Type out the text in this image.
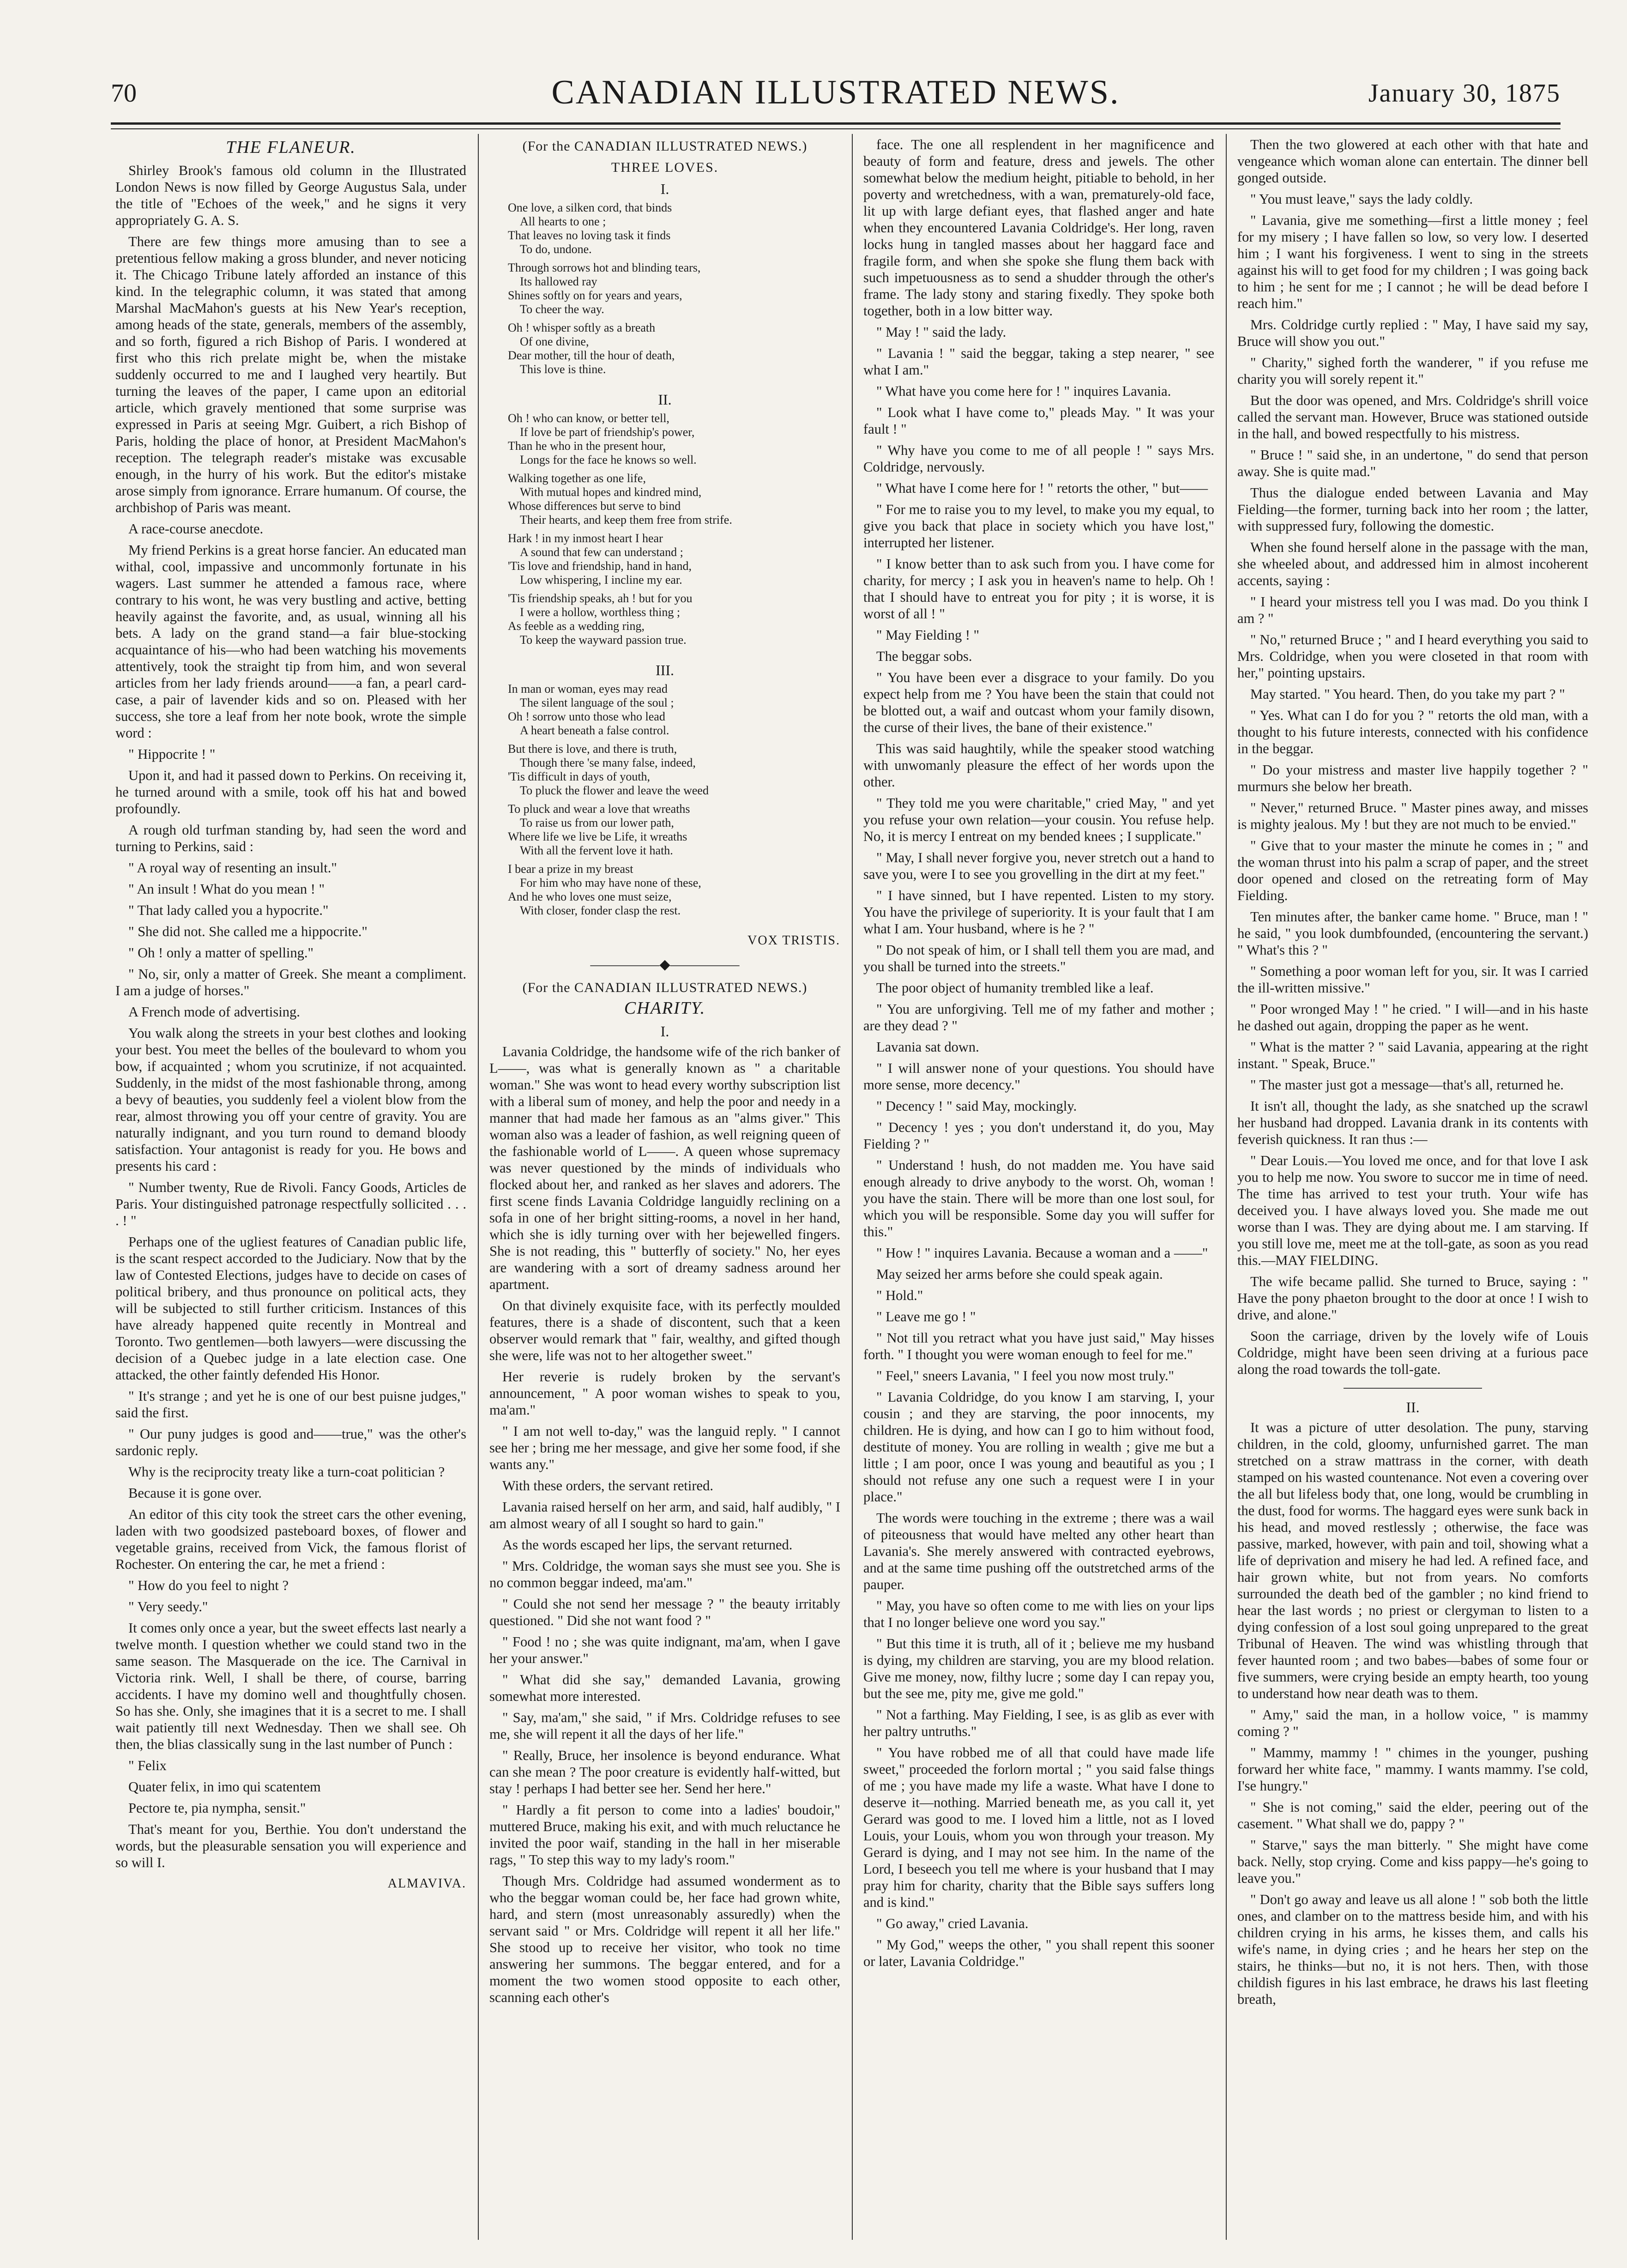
70	CANADIAN ILLUSTRATED NEWS.	January 30, 1875
THE FLANEUR.

Shirley Brook's famous old column in the Illustrated London News is now filled by George Augustus Sala, under the title of "Echoes of the week," and he signs it very appropriately G. A. S.

There are few things more amusing than to see a pretentious fellow making a gross blunder, and never noticing it. The Chicago Tribune lately afforded an instance of this kind. In the telegraphic column, it was stated that among Marshal MacMahon's guests at his New Year's reception, among heads of the state, generals, members of the assembly, and so forth, figured a rich Bishop of Paris. I wondered at first who this rich prelate might be, when the mistake suddenly occurred to me and I laughed very heartily. But turning the leaves of the paper, I came upon an editorial article, which gravely mentioned that some surprise was expressed in Paris at seeing Mgr. Guibert, a rich Bishop of Paris, holding the place of honor, at President MacMahon's reception. The telegraph reader's mistake was excusable enough, in the hurry of his work. But the editor's mistake arose simply from ignorance. Errare humanum. Of course, the archbishop of Paris was meant.

A race-course anecdote.

My friend Perkins is a great horse fancier. An educated man withal, cool, impassive and uncommonly fortunate in his wagers. Last summer he attended a famous race, where contrary to his wont, he was very bustling and active, betting heavily against the favorite, and, as usual, winning all his bets. A lady on the grand stand—a fair blue-stocking acquaintance of his—who had been watching his movements attentively, took the straight tip from him, and won several articles from her lady friends around——a fan, a pearl card-case, a pair of lavender kids and so on. Pleased with her success, she tore a leaf from her note book, wrote the simple word :

" Hippocrite ! "

Upon it, and had it passed down to Perkins. On receiving it, he turned around with a smile, took off his hat and bowed profoundly.

A rough old turfman standing by, had seen the word and turning to Perkins, said :

" A royal way of resenting an insult."

" An insult ! What do you mean ! "

" That lady called you a hypocrite."

" She did not. She called me a hippocrite."

" Oh ! only a matter of spelling."

" No, sir, only a matter of Greek. She meant a compliment. I am a judge of horses."

A French mode of advertising.

You walk along the streets in your best clothes and looking your best. You meet the belles of the boulevard to whom you bow, if acquainted ; whom you scrutinize, if not acquainted. Suddenly, in the midst of the most fashionable throng, among a bevy of beauties, you suddenly feel a violent blow from the rear, almost throwing you off your centre of gravity. You are naturally indignant, and you turn round to demand bloody satisfaction. Your antagonist is ready for you. He bows and presents his card :

" Number twenty, Rue de Rivoli. Fancy Goods, Articles de Paris. Your distinguished patronage respectfully sollicited . . . . ! "

Perhaps one of the ugliest features of Canadian public life, is the scant respect accorded to the Judiciary. Now that by the law of Contested Elections, judges have to decide on cases of political bribery, and thus pronounce on political acts, they will be subjected to still further criticism. Instances of this have already happened quite recently in Montreal and Toronto. Two gentlemen—both lawyers—were discussing the decision of a Quebec judge in a late election case. One attacked, the other faintly defended His Honor.

" It's strange ; and yet he is one of our best puisne judges," said the first.

" Our puny judges is good and——true," was the other's sardonic reply.

Why is the reciprocity treaty like a turn-coat politician ?

Because it is gone over.

An editor of this city took the street cars the other evening, laden with two goodsized pasteboard boxes, of flower and vegetable grains, received from Vick, the famous florist of Rochester. On entering the car, he met a friend :

" How do you feel to night ?

" Very seedy."

It comes only once a year, but the sweet effects last nearly a twelve month. I question whether we could stand two in the same season. The Masquerade on the ice. The Carnival in Victoria rink. Well, I shall be there, of course, barring accidents. I have my domino well and thoughtfully chosen. So has she. Only, she imagines that it is a secret to me. I shall wait patiently till next Wednesday. Then we shall see. Oh then, the blias classically sung in the last number of Punch :

" Felix

Quater felix, in imo qui scatentem

Pectore te, pia nympha, sensit."

That's meant for you, Berthie. You don't understand the words, but the pleasurable sensation you will experience and so will I.

ALMAVIVA.
(For the CANADIAN ILLUSTRATED NEWS.)
THREE LOVES.
I.
One love, a silken cord, that binds
All hearts to one ;
That leaves no loving task it finds
To do, undone.
Through sorrows hot and blinding tears,
Its hallowed ray
Shines softly on for years and years,
To cheer the way.
Oh ! whisper softly as a breath
Of one divine,
Dear mother, till the hour of death,
This love is thine.
II.
Oh ! who can know, or better tell,
If love be part of friendship's power,
Than he who in the present hour,
Longs for the face he knows so well.
Walking together as one life,
With mutual hopes and kindred mind,
Whose differences but serve to bind
Their hearts, and keep them free from strife.
Hark ! in my inmost heart I hear
A sound that few can understand ;
'Tis love and friendship, hand in hand,
Low whispering, I incline my ear.
'Tis friendship speaks, ah ! but for you
I were a hollow, worthless thing ;
As feeble as a wedding ring,
To keep the wayward passion true.
III.
In man or woman, eyes may read
The silent language of the soul ;
Oh ! sorrow unto those who lead
A heart beneath a false control.
But there is love, and there is truth,
Though there 'se many false, indeed,
'Tis difficult in days of youth,
To pluck the flower and leave the weed
To pluck and wear a love that wreaths
To raise us from our lower path,
Where life we live be Life, it wreaths
With all the fervent love it hath.
I bear a prize in my breast
For him who may have none of these,
And he who loves one must seize,
With closer, fonder clasp the rest.
VOX TRISTIS.
—————◆—————
(For the CANADIAN ILLUSTRATED NEWS.)
CHARITY.
I.

Lavania Coldridge, the handsome wife of the rich banker of L——, was what is generally known as " a charitable woman." She was wont to head every worthy subscription list with a liberal sum of money, and help the poor and needy in a manner that had made her famous as an "alms giver." This woman also was a leader of fashion, as well reigning queen of the fashionable world of L——. A queen whose supremacy was never questioned by the minds of individuals who flocked about her, and ranked as her slaves and adorers. The first scene finds Lavania Coldridge languidly reclining on a sofa in one of her bright sitting-rooms, a novel in her hand, which she is idly turning over with her bejewelled fingers. She is not reading, this " butterfly of society." No, her eyes are wandering with a sort of dreamy sadness around her apartment.

On that divinely exquisite face, with its perfectly moulded features, there is a shade of discontent, such that a keen observer would remark that " fair, wealthy, and gifted though she were, life was not to her altogether sweet."

Her reverie is rudely broken by the servant's announcement, " A poor woman wishes to speak to you, ma'am."

" I am not well to-day," was the languid reply. " I cannot see her ; bring me her message, and give her some food, if she wants any."

With these orders, the servant retired.

Lavania raised herself on her arm, and said, half audibly, " I am almost weary of all I sought so hard to gain."

As the words escaped her lips, the servant returned.

" Mrs. Coldridge, the woman says she must see you. She is no common beggar indeed, ma'am."

" Could she not send her message ? " the beauty irritably questioned. " Did she not want food ? "

" Food ! no ; she was quite indignant, ma'am, when I gave her your answer."

" What did she say," demanded Lavania, growing somewhat more interested.

" Say, ma'am," she said, " if Mrs. Coldridge refuses to see me, she will repent it all the days of her life."

" Really, Bruce, her insolence is beyond endurance. What can she mean ? The poor creature is evidently half-witted, but stay ! perhaps I had better see her. Send her here."

" Hardly a fit person to come into a ladies' boudoir," muttered Bruce, making his exit, and with much reluctance he invited the poor waif, standing in the hall in her miserable rags, " To step this way to my lady's room."

Though Mrs. Coldridge had assumed wonderment as to who the beggar woman could be, her face had grown white, hard, and stern (most unreasonably assuredly) when the servant said " or Mrs. Coldridge will repent it all her life." She stood up to receive her visitor, who took no time answering her summons. The beggar entered, and for a moment the two women stood opposite to each other, scanning each other's

face. The one all resplendent in her magnificence and beauty of form and feature, dress and jewels. The other somewhat below the medium height, pitiable to behold, in her poverty and wretchedness, with a wan, prematurely-old face, lit up with large defiant eyes, that flashed anger and hate when they encountered Lavania Coldridge's. Her long, raven locks hung in tangled masses about her haggard face and fragile form, and when she spoke she flung them back with such impetuousness as to send a shudder through the other's frame. The lady stony and staring fixedly. They spoke both together, both in a low bitter way.

" May ! " said the lady.

" Lavania ! " said the beggar, taking a step nearer, " see what I am."

" What have you come here for ! " inquires Lavania.

" Look what I have come to," pleads May. " It was your fault ! "

" Why have you come to me of all people ! " says Mrs. Coldridge, nervously.

" What have I come here for ! " retorts the other, " but——

" For me to raise you to my level, to make you my equal, to give you back that place in society which you have lost," interrupted her listener.

" I know better than to ask such from you. I have come for charity, for mercy ; I ask you in heaven's name to help. Oh ! that I should have to entreat you for pity ; it is worse, it is worst of all ! "

" May Fielding ! "

The beggar sobs.

" You have been ever a disgrace to your family. Do you expect help from me ? You have been the stain that could not be blotted out, a waif and outcast whom your family disown, the curse of their lives, the bane of their existence."

This was said haughtily, while the speaker stood watching with unwomanly pleasure the effect of her words upon the other.

" They told me you were charitable," cried May, " and yet you refuse your own relation—your cousin. You refuse help. No, it is mercy I entreat on my bended knees ; I supplicate."

" May, I shall never forgive you, never stretch out a hand to save you, were I to see you grovelling in the dirt at my feet."

" I have sinned, but I have repented. Listen to my story. You have the privilege of superiority. It is your fault that I am what I am. Your husband, where is he ? "

" Do not speak of him, or I shall tell them you are mad, and you shall be turned into the streets."

The poor object of humanity trembled like a leaf.

" You are unforgiving. Tell me of my father and mother ; are they dead ? "

Lavania sat down.

" I will answer none of your questions. You should have more sense, more decency."

" Decency ! " said May, mockingly.

" Decency ! yes ; you don't understand it, do you, May Fielding ? "

" Understand ! hush, do not madden me. You have said enough already to drive anybody to the worst. Oh, woman ! you have the stain. There will be more than one lost soul, for which you will be responsible. Some day you will suffer for this."

" How ! " inquires Lavania. Because a woman and a ——"

May seized her arms before she could speak again.

" Hold."

" Leave me go ! "

" Not till you retract what you have just said," May hisses forth. " I thought you were woman enough to feel for me."

" Feel," sneers Lavania, " I feel you now most truly."

" Lavania Coldridge, do you know I am starving, I, your cousin ; and they are starving, the poor innocents, my children. He is dying, and how can I go to him without food, destitute of money. You are rolling in wealth ; give me but a little ; I am poor, once I was young and beautiful as you ; I should not refuse any one such a request were I in your place."

The words were touching in the extreme ; there was a wail of piteousness that would have melted any other heart than Lavania's. She merely answered with contracted eyebrows, and at the same time pushing off the outstretched arms of the pauper.

" May, you have so often come to me with lies on your lips that I no longer believe one word you say."

" But this time it is truth, all of it ; believe me my husband is dying, my children are starving, you are my blood relation. Give me money, now, filthy lucre ; some day I can repay you, but the see me, pity me, give me gold."

" Not a farthing. May Fielding, I see, is as glib as ever with her paltry untruths."

" You have robbed me of all that could have made life sweet," proceeded the forlorn mortal ; " you said false things of me ; you have made my life a waste. What have I done to deserve it—nothing. Married beneath me, as you call it, yet Gerard was good to me. I loved him a little, not as I loved Louis, your Louis, whom you won through your treason. My Gerard is dying, and I may not see him. In the name of the Lord, I beseech you tell me where is your husband that I may pray him for charity, charity that the Bible says suffers long and is kind."

" Go away," cried Lavania.

" My God," weeps the other, " you shall repent this sooner or later, Lavania Coldridge."

Then the two glowered at each other with that hate and vengeance which woman alone can entertain. The dinner bell gonged outside.

" You must leave," says the lady coldly.

" Lavania, give me something—first a little money ; feel for my misery ; I have fallen so low, so very low. I deserted him ; I want his forgiveness. I went to sing in the streets against his will to get food for my children ; I was going back to him ; he sent for me ; I cannot ; he will be dead before I reach him."

Mrs. Coldridge curtly replied : " May, I have said my say, Bruce will show you out."

" Charity," sighed forth the wanderer, " if you refuse me charity you will sorely repent it."

But the door was opened, and Mrs. Coldridge's shrill voice called the servant man. However, Bruce was stationed outside in the hall, and bowed respectfully to his mistress.

" Bruce ! " said she, in an undertone, " do send that person away. She is quite mad."

Thus the dialogue ended between Lavania and May Fielding—the former, turning back into her room ; the latter, with suppressed fury, following the domestic.

When she found herself alone in the passage with the man, she wheeled about, and addressed him in almost incoherent accents, saying :

" I heard your mistress tell you I was mad. Do you think I am ? "

" No," returned Bruce ; " and I heard everything you said to Mrs. Coldridge, when you were closeted in that room with her," pointing upstairs.

May started. " You heard. Then, do you take my part ? "

" Yes. What can I do for you ? " retorts the old man, with a thought to his future interests, connected with his confidence in the beggar.

" Do your mistress and master live happily together ? " murmurs she below her breath.

" Never," returned Bruce. " Master pines away, and misses is mighty jealous. My ! but they are not much to be envied."

" Give that to your master the minute he comes in ; " and the woman thrust into his palm a scrap of paper, and the street door opened and closed on the retreating form of May Fielding.

Ten minutes after, the banker came home. " Bruce, man ! " he said, " you look dumbfounded, (encountering the servant.) " What's this ? "

" Something a poor woman left for you, sir. It was I carried the ill-written missive."

" Poor wronged May ! " he cried. " I will—and in his haste he dashed out again, dropping the paper as he went.

" What is the matter ? " said Lavania, appearing at the right instant. " Speak, Bruce."

" The master just got a message—that's all, returned he.

It isn't all, thought the lady, as she snatched up the scrawl her husband had dropped. Lavania drank in its contents with feverish quickness. It ran thus :—

" Dear Louis.—You loved me once, and for that love I ask you to help me now. You swore to succor me in time of need. The time has arrived to test your truth. Your wife has deceived you. I have always loved you. She made me out worse than I was. They are dying about me. I am starving. If you still love me, meet me at the toll-gate, as soon as you read this.—MAY FIELDING.

The wife became pallid. She turned to Bruce, saying : " Have the pony phaeton brought to the door at once ! I wish to drive, and alone."

Soon the carriage, driven by the lovely wife of Louis Coldridge, might have been seen driving at a furious pace along the road towards the toll-gate.

II.

It was a picture of utter desolation. The puny, starving children, in the cold, gloomy, unfurnished garret. The man stretched on a straw mattrass in the corner, with death stamped on his wasted countenance. Not even a covering over the all but lifeless body that, one long, would be crumbling in the dust, food for worms. The haggard eyes were sunk back in his head, and moved restlessly ; otherwise, the face was passive, marked, however, with pain and toil, showing what a life of deprivation and misery he had led. A refined face, and hair grown white, but not from years. No comforts surrounded the death bed of the gambler ; no kind friend to hear the last words ; no priest or clergyman to listen to a dying confession of a lost soul going unprepared to the great Tribunal of Heaven. The wind was whistling through that fever haunted room ; and two babes—babes of some four or five summers, were crying beside an empty hearth, too young to understand how near death was to them.

" Amy," said the man, in a hollow voice, " is mammy coming ? "

" Mammy, mammy ! " chimes in the younger, pushing forward her white face, " mammy. I wants mammy. I'se cold, I'se hungry."

" She is not coming," said the elder, peering out of the casement. " What shall we do, pappy ? "

" Starve," says the man bitterly. " She might have come back. Nelly, stop crying. Come and kiss pappy—he's going to leave you."

" Don't go away and leave us all alone ! " sob both the little ones, and clamber on to the mattress beside him, and with his children crying in his arms, he kisses them, and calls his wife's name, in dying cries ; and he hears her step on the stairs, he thinks—but no, it is not hers. Then, with those childish figures in his last embrace, he draws his last fleeting breath,
